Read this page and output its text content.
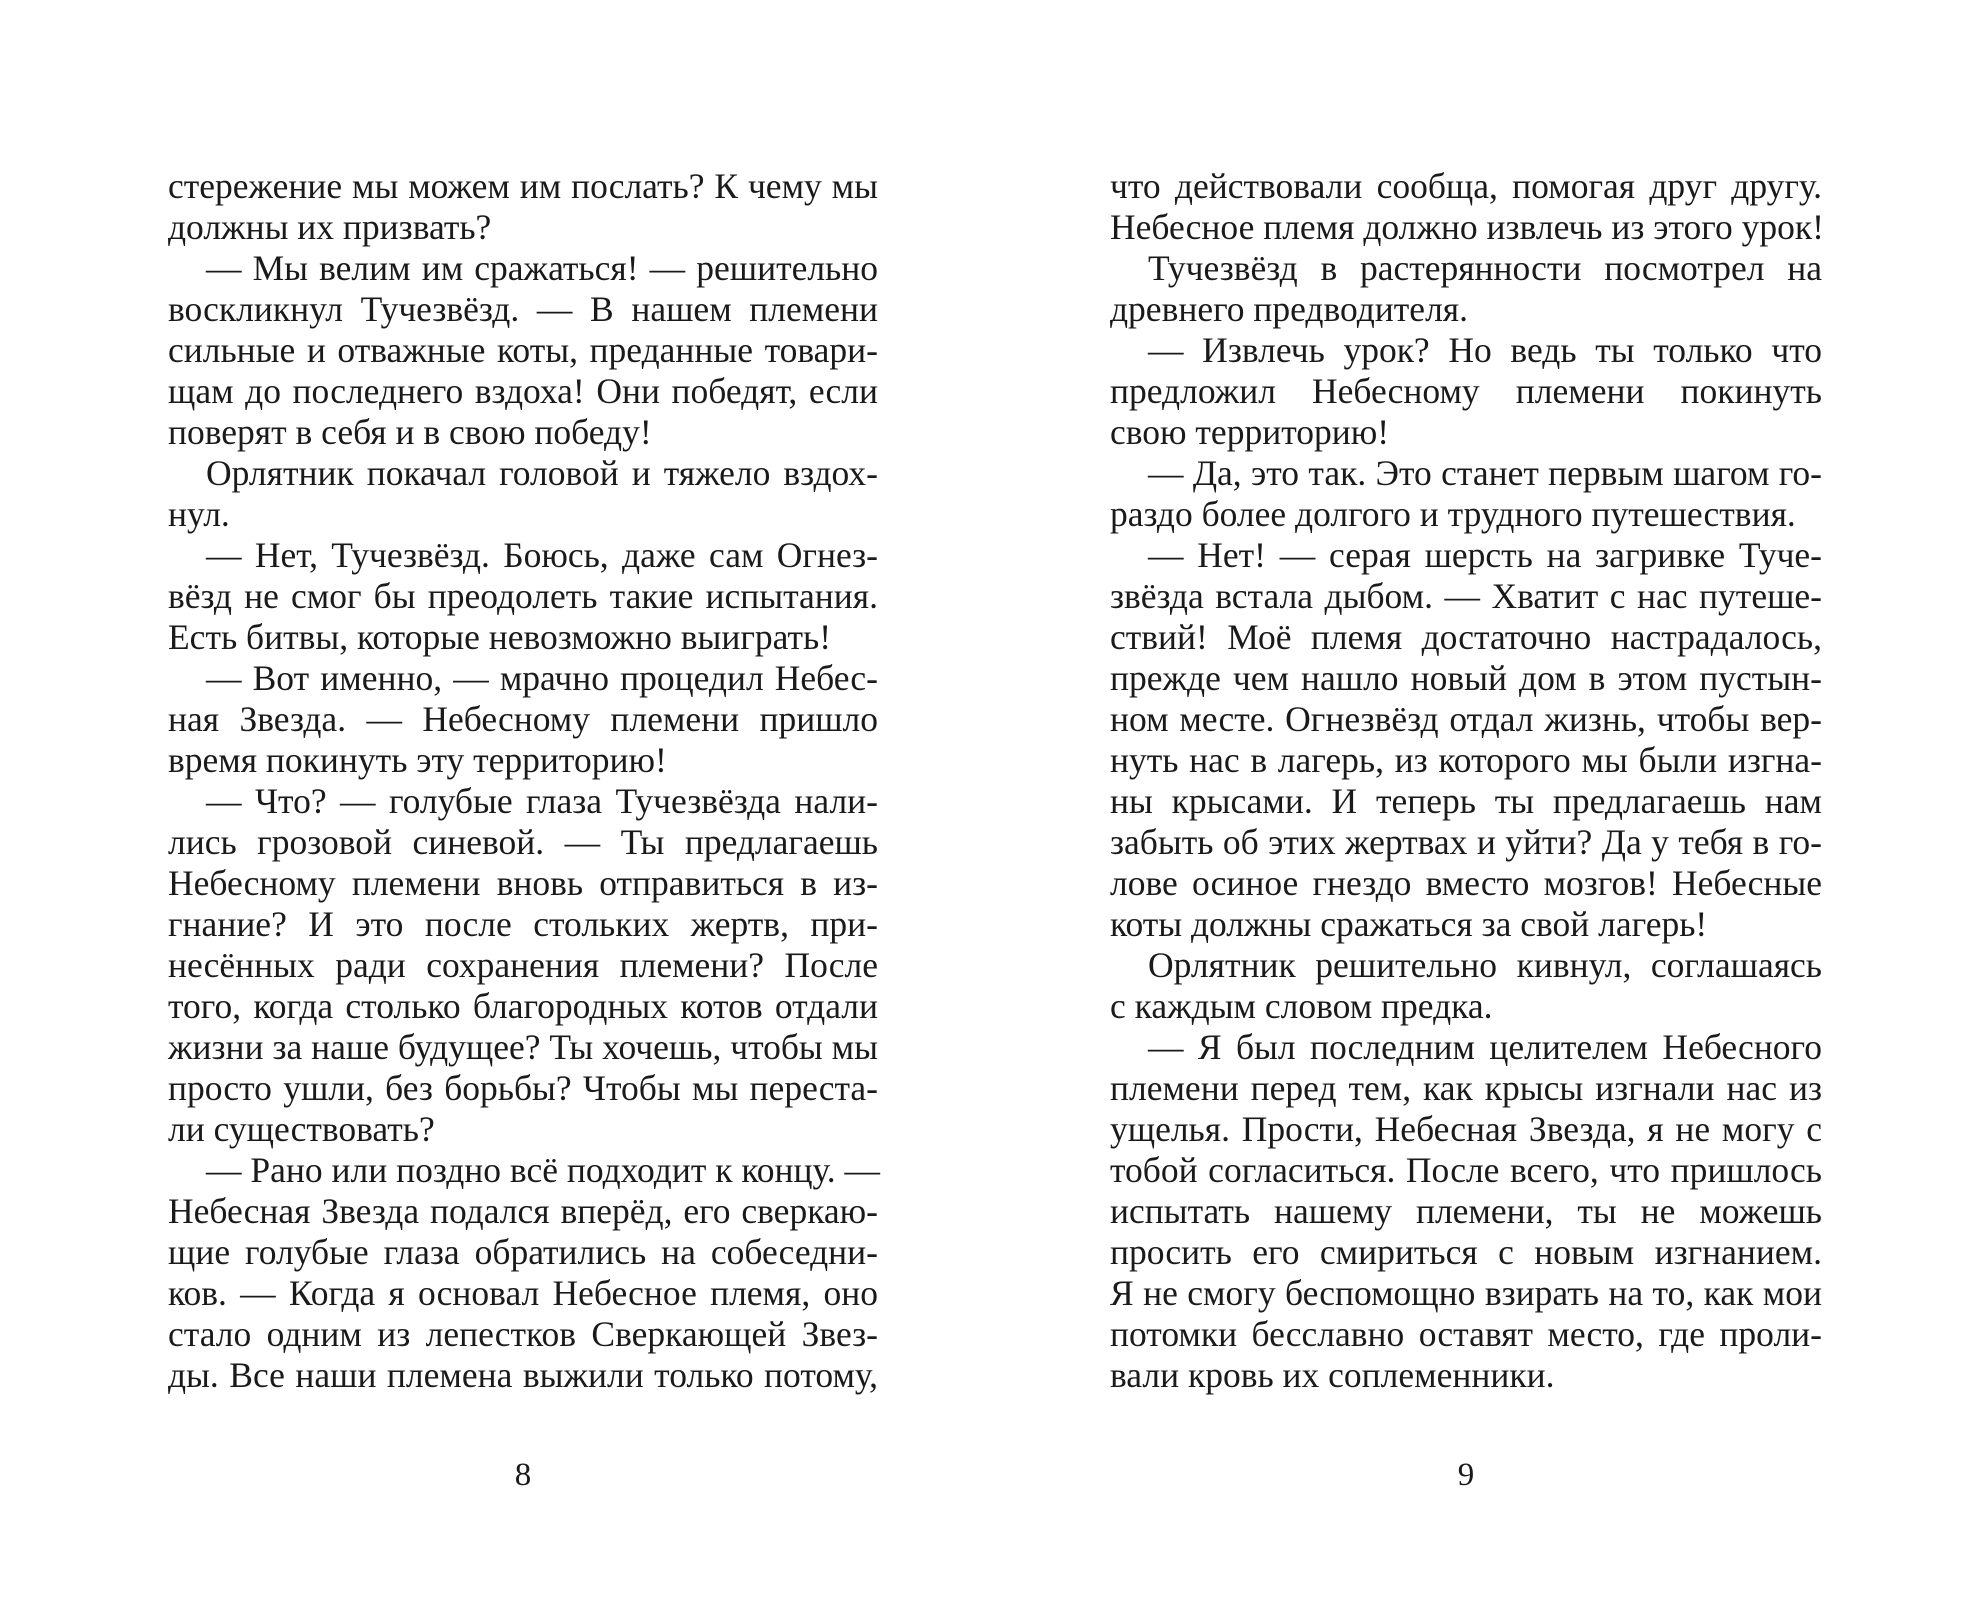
стережение мы можем им послать? К чему мы
должны их призвать?
— Мы велим им сражаться! — решительно
воскликнул Тучезвёзд. — В нашем племени
сильные и отважные коты, преданные товари-
щам до последнего вздоха! Они победят, если
поверят в себя и в свою победу!
Орлятник покачал головой и тяжело вздох-
нул.
— Нет, Тучезвёзд. Боюсь, даже сам Огнез-
вёзд не смог бы преодолеть такие испытания.
Есть битвы, которые невозможно выиграть!
— Вот именно, — мрачно процедил Небес-
ная Звезда. — Небесному племени пришло
время покинуть эту территорию!
— Что? — голубые глаза Тучезвёзда нали-
лись грозовой синевой. — Ты предлагаешь
Небесному племени вновь отправиться в из-
гнание? И это после стольких жертв, при-
несённых ради сохранения племени? После
того, когда столько благородных котов отдали
жизни за наше будущее? Ты хочешь, чтобы мы
просто ушли, без борьбы? Чтобы мы переста-
ли существовать?
— Рано или поздно всё подходит к концу. —
Небесная Звезда подался вперёд, его сверкаю-
щие голубые глаза обратились на собеседни-
ков. — Когда я основал Небесное племя, оно
стало одним из лепестков Сверкающей Звез-
ды. Все наши племена выжили только потому,
8
что действовали сообща, помогая друг другу.
Небесное племя должно извлечь из этого урок!
Тучезвёзд в растерянности посмотрел на
древнего предводителя.
— Извлечь урок? Но ведь ты только что
предложил Небесному племени покинуть
свою территорию!
— Да, это так. Это станет первым шагом го-
раздо более долгого и трудного путешествия.
— Нет! — серая шерсть на загривке Туче-
звёзда встала дыбом. — Хватит с нас путеше-
ствий! Моё племя достаточно настрадалось,
прежде чем нашло новый дом в этом пустын-
ном месте. Огнезвёзд отдал жизнь, чтобы вер-
нуть нас в лагерь, из которого мы были изгна-
ны крысами. И теперь ты предлагаешь нам
забыть об этих жертвах и уйти? Да у тебя в го-
лове осиное гнездо вместо мозгов! Небесные
коты должны сражаться за свой лагерь!
Орлятник решительно кивнул, соглашаясь
с каждым словом предка.
— Я был последним целителем Небесного
племени перед тем, как крысы изгнали нас из
ущелья. Прости, Небесная Звезда, я не могу с
тобой согласиться. После всего, что пришлось
испытать нашему племени, ты не можешь
просить его смириться с новым изгнанием.
Я не смогу беспомощно взирать на то, как мои
потомки бесславно оставят место, где проли-
вали кровь их соплеменники.
9
